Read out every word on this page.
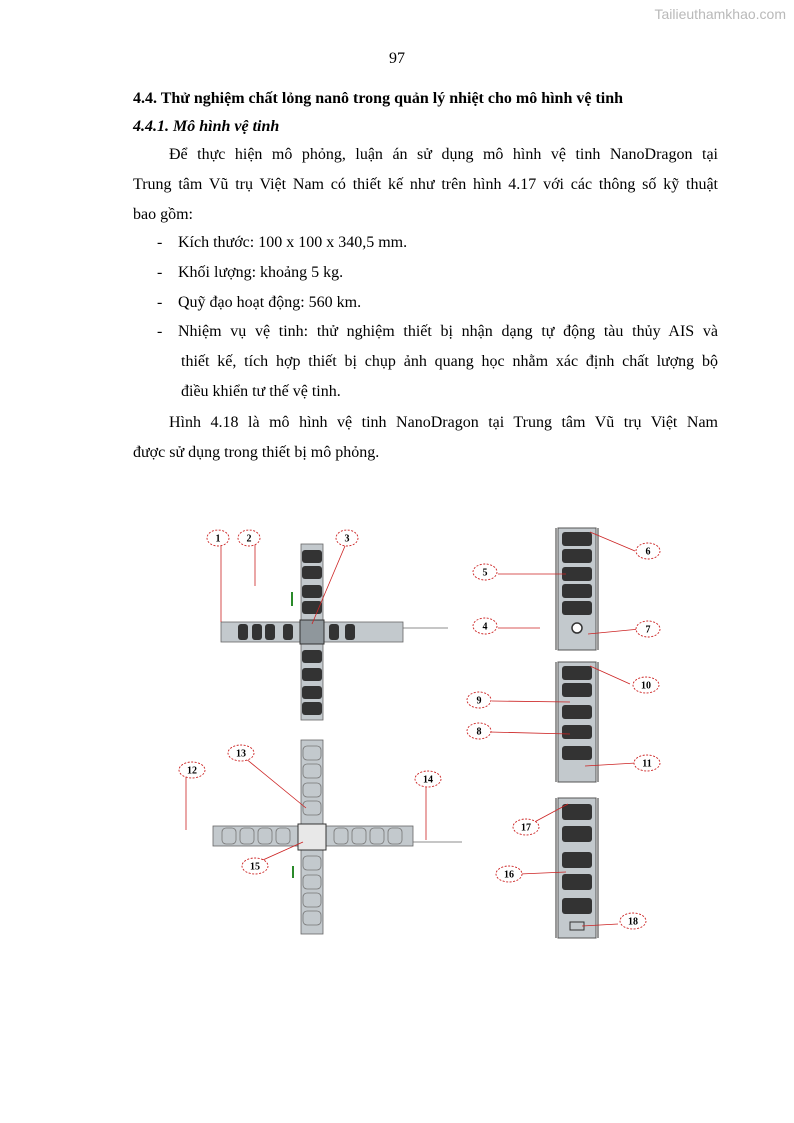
Tailieuthamkhao.com
97
4.4. Thử nghiệm chất lỏng nanô trong quản lý nhiệt cho mô hình vệ tinh
4.4.1. Mô hình vệ tinh
Để thực hiện mô phỏng, luận án sử dụng mô hình vệ tinh NanoDragon tại
Trung tâm Vũ trụ Việt Nam có thiết kế như trên hình 4.17 với các thông số kỹ thuật
bao gồm:
- Kích thước: 100 x 100 x 340,5 mm.
- Khối lượng: khoảng 5 kg.
- Quỹ đạo hoạt động: 560 km.
- Nhiệm vụ vệ tinh: thử nghiệm thiết bị nhận dạng tự động tàu thủy AIS và
thiết kế, tích hợp thiết bị chụp ảnh quang học nhằm xác định chất lượng bộ
điều khiển tư thế vệ tinh.
Hình 4.18 là mô hình vệ tinh NanoDragon tại Trung tâm Vũ trụ Việt Nam
được sử dụng trong thiết bị mô phỏng.
1	2	3
4
5
6
7
8
9
10
11
12
13
14
15
16
17
18
